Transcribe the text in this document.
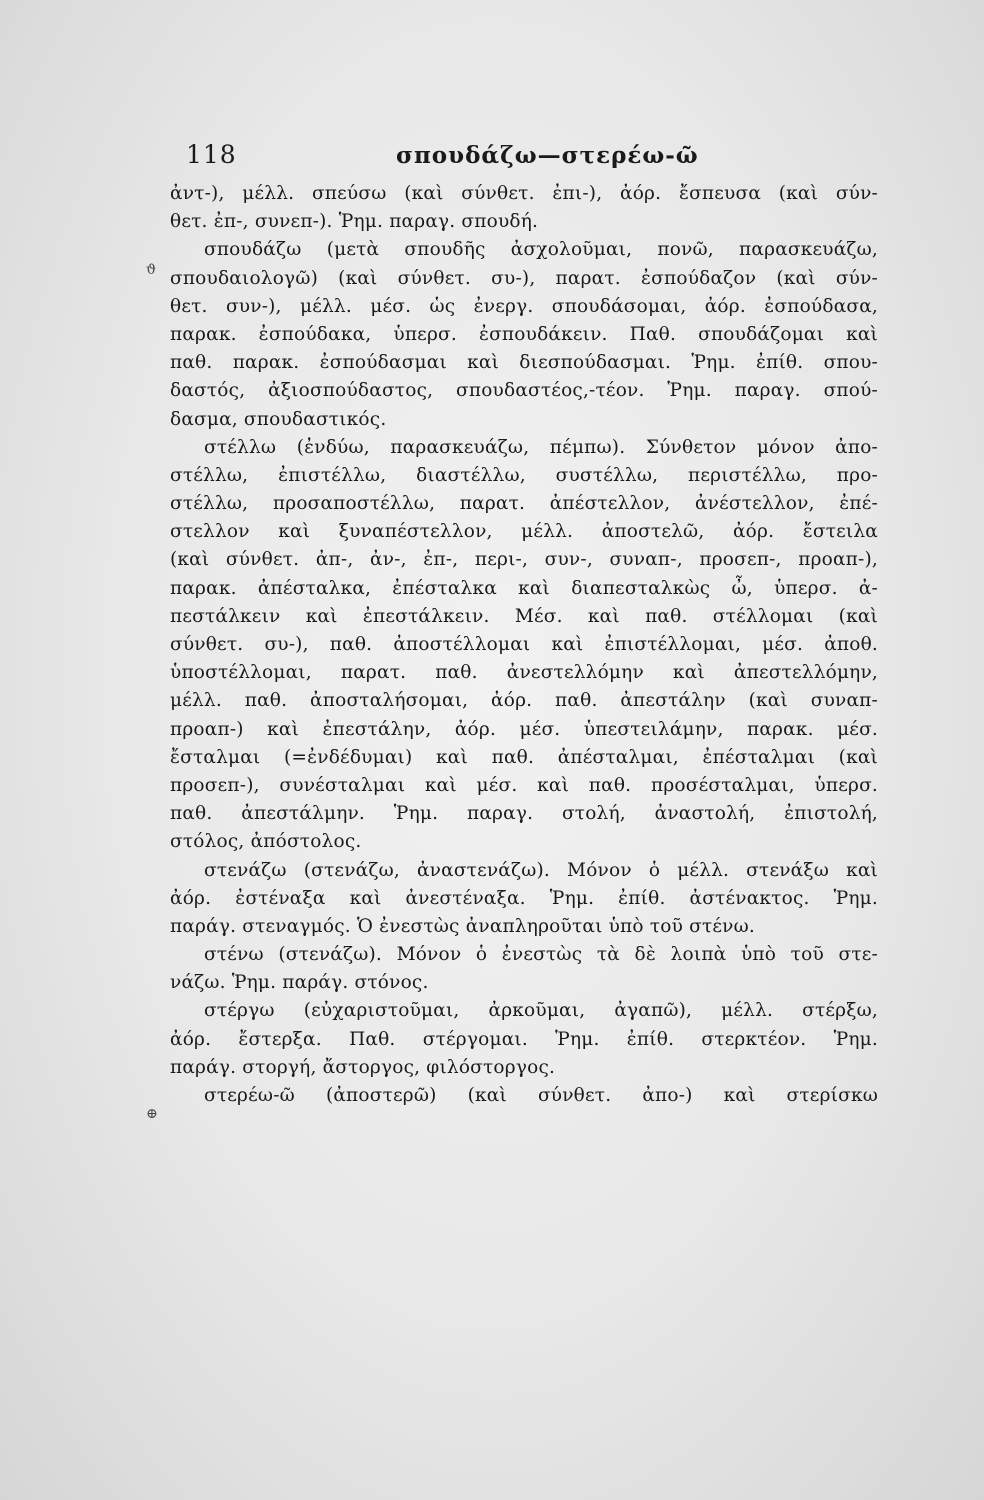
118	σπουδάζω—στερέω-ῶ
ϑ
⊕
ἀντ-), μέλλ. σπεύσω (καὶ σύνθετ. ἐπι-), ἀόρ. ἔσπευσα (καὶ σύν-
θετ. ἐπ-, συνεπ-). Ῥημ. παραγ. σπουδή.
σπουδάζω (μετὰ σπουδῆς ἀσχολοῦμαι, πονῶ, παρασκευάζω,
σπουδαιολογῶ) (καὶ σύνθετ. συ-), παρατ. ἐσπούδαζον (καὶ σύν-
θετ. συν-), μέλλ. μέσ. ὡς ἐνεργ. σπουδάσομαι, ἀόρ. ἐσπούδασα,
παρακ. ἐσπούδακα, ὑπερσ. ἐσπουδάκειν. Παθ. σπουδάζομαι καὶ
παθ. παρακ. ἐσπούδασμαι καὶ διεσπούδασμαι. Ῥημ. ἐπίθ. σπου-
δαστός, ἀξιοσπούδαστος, σπουδαστέος,-τέον. Ῥημ. παραγ. σπού-
δασμα, σπουδαστικός.
στέλλω (ἐνδύω, παρασκευάζω, πέμπω). Σύνθετον μόνον ἀπο-
στέλλω, ἐπιστέλλω, διαστέλλω, συστέλλω, περιστέλλω, προ-
στέλλω, προσαποστέλλω, παρατ. ἀπέστελλον, ἀνέστελλον, ἐπέ-
στελλον καὶ ξυναπέστελλον, μέλλ. ἀποστελῶ, ἀόρ. ἔστειλα
(καὶ σύνθετ. ἀπ-, ἀν-, ἐπ-, περι-, συν-, συναπ-, προσεπ-, προαπ-),
παρακ. ἀπέσταλκα, ἐπέσταλκα καὶ διαπεσταλκὼς ὦ, ὑπερσ. ἀ-
πεστάλκειν καὶ ἐπεστάλκειν. Μέσ. καὶ παθ. στέλλομαι (καὶ
σύνθετ. συ-), παθ. ἀποστέλλομαι καὶ ἐπιστέλλομαι, μέσ. ἀποθ.
ὑποστέλλομαι, παρατ. παθ. ἀνεστελλόμην καὶ ἀπεστελλόμην,
μέλλ. παθ. ἀποσταλήσομαι, ἀόρ. παθ. ἀπεστάλην (καὶ συναπ-
προαπ-) καὶ ἐπεστάλην, ἀόρ. μέσ. ὑπεστειλάμην, παρακ. μέσ.
ἔσταλμαι (=ἐνδέδυμαι) καὶ παθ. ἀπέσταλμαι, ἐπέσταλμαι (καὶ
προσεπ-), συνέσταλμαι καὶ μέσ. καὶ παθ. προσέσταλμαι, ὑπερσ.
παθ. ἀπεστάλμην. Ῥημ. παραγ. στολή, ἀναστολή, ἐπιστολή,
στόλος, ἀπόστολος.
στενάζω (στενάζω, ἀναστενάζω). Μόνον ὁ μέλλ. στενάξω καὶ
ἀόρ. ἐστέναξα καὶ ἀνεστέναξα. Ῥημ. ἐπίθ. ἀστένακτος. Ῥημ.
παράγ. στεναγμός. Ὁ ἐνεστὼς ἀναπληροῦται ὑπὸ τοῦ στένω.
στένω (στενάζω). Μόνον ὁ ἐνεστὼς τὰ δὲ λοιπὰ ὑπὸ τοῦ στε-
νάζω. Ῥημ. παράγ. στόνος.
στέργω (εὐχαριστοῦμαι, ἀρκοῦμαι, ἀγαπῶ), μέλλ. στέρξω,
ἀόρ. ἔστερξα. Παθ. στέργομαι. Ῥημ. ἐπίθ. στερκτέον. Ῥημ.
παράγ. στοργή, ἄστοργος, φιλόστοργος.
στερέω-ῶ (ἀποστερῶ) (καὶ σύνθετ. ἀπο-) καὶ στερίσκω
